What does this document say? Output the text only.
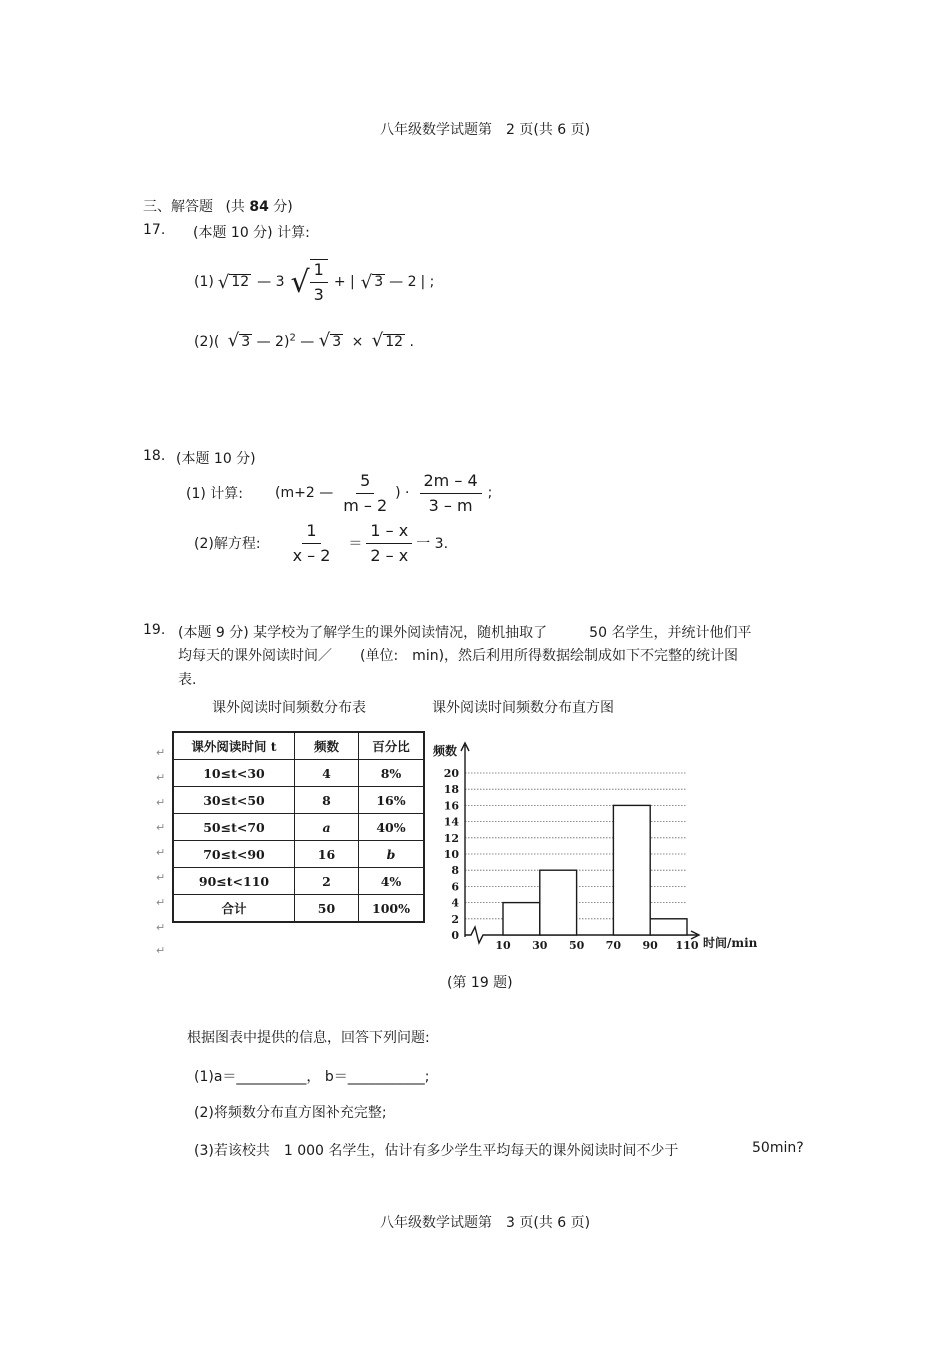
八年级数学试题第　2 页(共 6 页)
三、解答题 (共 84 分)
17. (本题 10 分) 计算:
(1) √ 12 — 3 √ $\frac{1}{3}$ + | √ 3 — 2 | ;
(2)( √ 3 — 2)$^2$ — √ 3 × √ 12 .
18. (本题 10 分)
(1) 计算: (m+2 — $\frac{5}{m - 2}$ ) · $\frac{2m - 4}{3 - m}$ ;
(2)解方程: $\frac{1}{x - 2} = \frac{1 - x}{2 - x}$ 一 3.
19. (本题 9 分) 某学校为了解学生的课外阅读情况，随机抽取了　　　50 名学生，并统计他们平
均每天的课外阅读时间／　　(单位:　min)，然后利用所得数据绘制成如下不完整的统计图
表.
课外阅读时间频数分布表	课外阅读时间频数分布直方图
↵
↵
↵
↵
↵
↵
↵
↵
↵
课外阅读时间 t	频数	百分比
10≤t<30	4	8%
30≤t<50	8	16%
50≤t<70	a	40%
70≤t<90	16	b
90≤t<110	2	4%
合计	50	100%
0
2
4
6
8
10
12
14
16
18
20
10 30 50 70 90 110
频数
时间/min
(第 19 题)
根据图表中提供的信息，回答下列问题:
(1)a＝__________， b＝___________;
(2)将频数分布直方图补充完整;
(3)若该校共　1 000 名学生，估计有多少学生平均每天的课外阅读时间不少于	50min?
八年级数学试题第　3 页(共 6 页)
